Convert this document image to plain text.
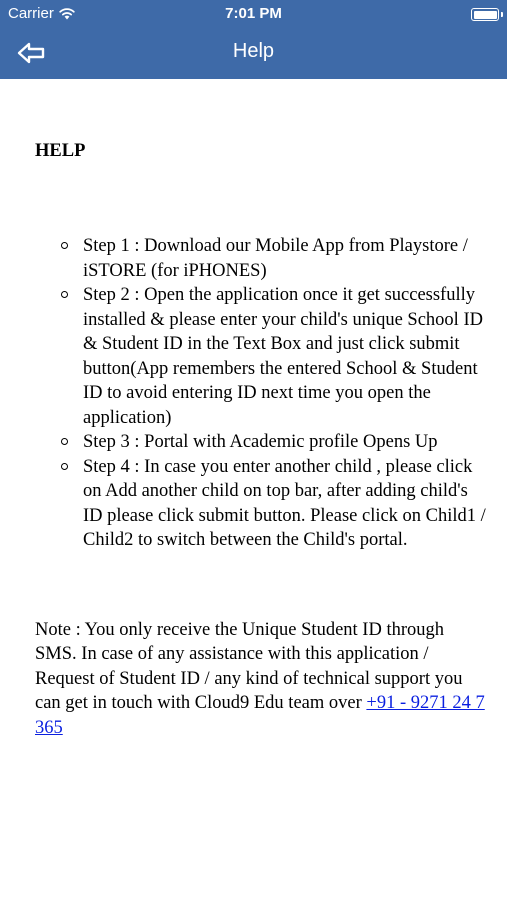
Carrier	7:01 PM
Help
HELP
Step 1 : Download our Mobile App from Playstore / iSTORE (for iPHONES)
Step 2 : Open the application once it get successfully installed & please enter your child's unique School ID & Student ID in the Text Box and just click submit button(App remembers the entered School & Student ID to avoid entering ID next time you open the application)
Step 3 : Portal with Academic profile Opens Up
Step 4 : In case you enter another child , please click on Add another child on top bar, after adding child's ID please click submit button. Please click on Child1 / Child2 to switch between the Child's portal.

Note : You only receive the Unique Student ID through SMS. In case of any assistance with this application / Request of Student ID / any kind of technical support you can get in touch with Cloud9 Edu team over +91 - 9271 24 7 365
